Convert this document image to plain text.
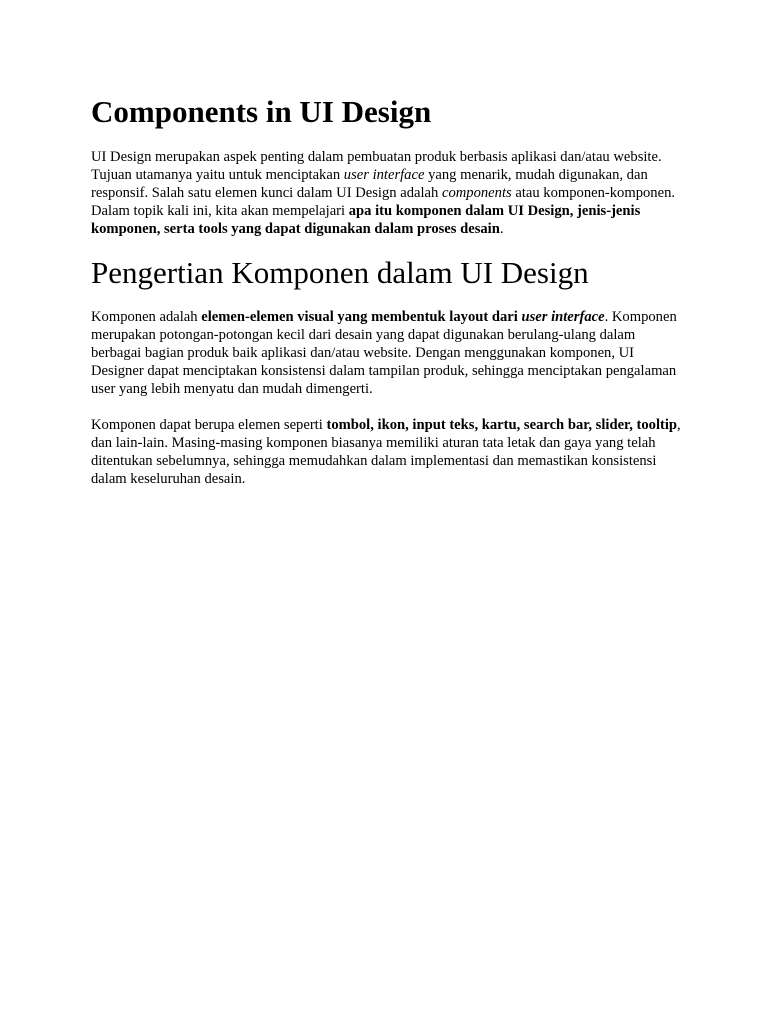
Components in UI Design

UI Design merupakan aspek penting dalam pembuatan produk berbasis aplikasi dan/atau website. Tujuan utamanya yaitu untuk menciptakan user interface yang menarik, mudah digunakan, dan responsif. Salah satu elemen kunci dalam UI Design adalah components atau komponen-komponen. Dalam topik kali ini, kita akan mempelajari apa itu komponen dalam UI Design, jenis-jenis komponen, serta tools yang dapat digunakan dalam proses desain.

Pengertian Komponen dalam UI Design

Komponen adalah elemen-elemen visual yang membentuk layout dari user interface. Komponen merupakan potongan-potongan kecil dari desain yang dapat digunakan berulang-ulang dalam berbagai bagian produk baik aplikasi dan/atau website. Dengan menggunakan komponen, UI Designer dapat menciptakan konsistensi dalam tampilan produk, sehingga menciptakan pengalaman user yang lebih menyatu dan mudah dimengerti.

Komponen dapat berupa elemen seperti tombol, ikon, input teks, kartu, search bar, slider, tooltip, dan lain-lain. Masing-masing komponen biasanya memiliki aturan tata letak dan gaya yang telah ditentukan sebelumnya, sehingga memudahkan dalam implementasi dan memastikan konsistensi dalam keseluruhan desain.
